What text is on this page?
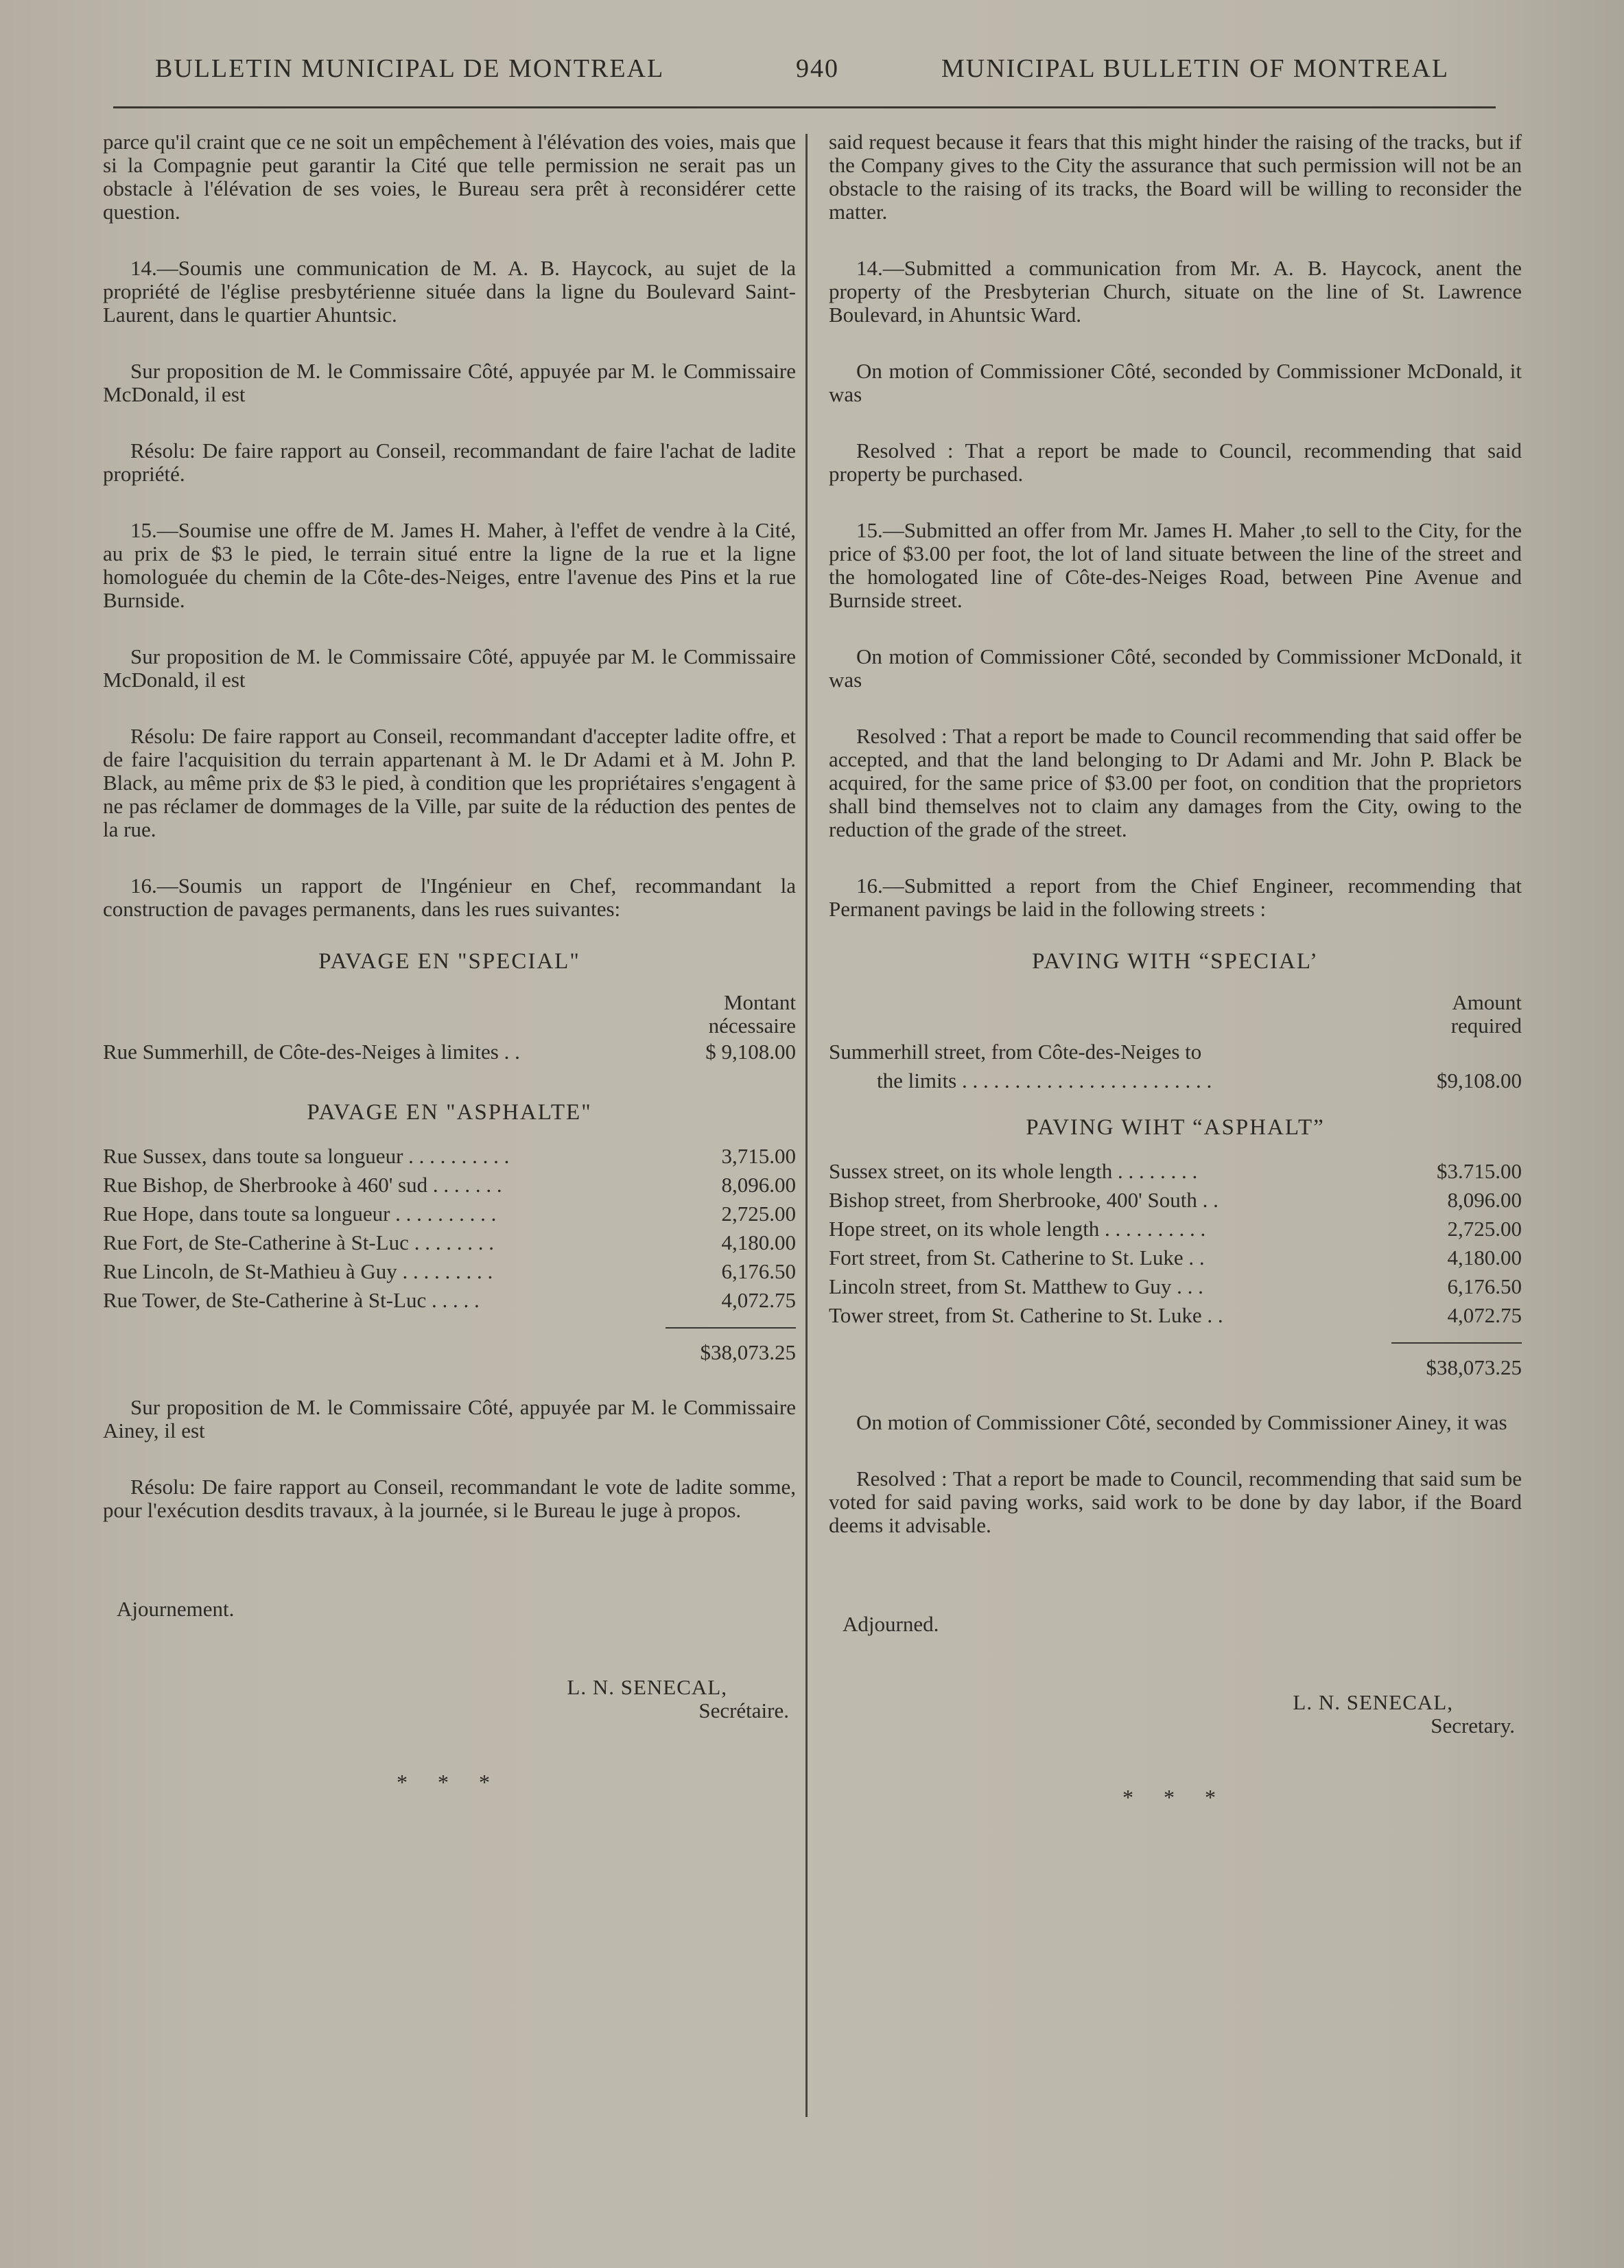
BULLETIN MUNICIPAL DE MONTREAL	940	MUNICIPAL BULLETIN OF MONTREAL

parce qu'il craint que ce ne soit un empêchement à l'élévation des voies, mais que si la Compagnie peut garantir la Cité que telle permission ne serait pas un obstacle à l'élévation de ses voies, le Bureau sera prêt à reconsidérer cette question.

14.—Soumis une communication de M. A. B. Haycock, au sujet de la propriété de l'église presbytérienne située dans la ligne du Boulevard Saint-Laurent, dans le quartier Ahuntsic.

Sur proposition de M. le Commissaire Côté, appuyée par M. le Commissaire McDonald, il est

Résolu: De faire rapport au Conseil, recommandant de faire l'achat de ladite propriété.

15.—Soumise une offre de M. James H. Maher, à l'effet de vendre à la Cité, au prix de $3 le pied, le terrain situé entre la ligne de la rue et la ligne homologuée du chemin de la Côte-des-Neiges, entre l'avenue des Pins et la rue Burnside.

Sur proposition de M. le Commissaire Côté, appuyée par M. le Commissaire McDonald, il est

Résolu: De faire rapport au Conseil, recommandant d'accepter ladite offre, et de faire l'acquisition du terrain appartenant à M. le Dr Adami et à M. John P. Black, au même prix de $3 le pied, à condition que les propriétaires s'engagent à ne pas réclamer de dommages de la Ville, par suite de la réduction des pentes de la rue.

16.—Soumis un rapport de l'Ingénieur en Chef, recommandant la construction de pavages permanents, dans les rues suivantes:

PAVAGE EN "SPECIAL"
Montant
nécessaire
Rue Summerhill, de Côte-des-Neiges à limites . .	$ 9,108.00
PAVAGE EN "ASPHALTE"
Rue Sussex, dans toute sa longueur . . . . . . . . . .	3,715.00
Rue Bishop, de Sherbrooke à 460' sud . . . . . . .	8,096.00
Rue Hope, dans toute sa longueur . . . . . . . . . .	2,725.00
Rue Fort, de Ste-Catherine à St-Luc . . . . . . . .	4,180.00
Rue Lincoln, de St-Mathieu à Guy . . . . . . . . .	6,176.50
Rue Tower, de Ste-Catherine à St-Luc . . . . .	4,072.75
$38,073.25

Sur proposition de M. le Commissaire Côté, appuyée par M. le Commissaire Ainey, il est

Résolu: De faire rapport au Conseil, recommandant le vote de ladite somme, pour l'exécution desdits travaux, à la journée, si le Bureau le juge à propos.

Ajournement.
L. N. SENECAL,
Secrétaire.
* * *

said request because it fears that this might hinder the raising of the tracks, but if the Company gives to the City the assurance that such permission will not be an obstacle to the raising of its tracks, the Board will be willing to reconsider the matter.

14.—Submitted a communication from Mr. A. B. Haycock, anent the property of the Presbyterian Church, situate on the line of St. Lawrence Boulevard, in Ahuntsic Ward.

On motion of Commissioner Côté, seconded by Commissioner McDonald, it was

Resolved : That a report be made to Council, recommending that said property be purchased.

15.—Submitted an offer from Mr. James H. Maher ,to sell to the City, for the price of $3.00 per foot, the lot of land situate between the line of the street and the homologated line of Côte-des-Neiges Road, between Pine Avenue and Burnside street.

On motion of Commissioner Côté, seconded by Commissioner McDonald, it was

Resolved : That a report be made to Council recommending that said offer be accepted, and that the land belonging to Dr Adami and Mr. John P. Black be acquired, for the same price of $3.00 per foot, on condition that the proprietors shall bind themselves not to claim any damages from the City, owing to the reduction of the grade of the street.

16.—Submitted a report from the Chief Engineer, recommending that Permanent pavings be laid in the following streets :

PAVING WITH “SPECIAL’
Amount
required
Summerhill street, from Côte-des-Neiges to	
the limits . . . . . . . . . . . . . . . . . . . . . . . .	$9,108.00
PAVING WIHT “ASPHALT”
Sussex street, on its whole length . . . . . . . .	$3.715.00
Bishop street, from Sherbrooke, 400' South . .	8,096.00
Hope street, on its whole length . . . . . . . . . .	2,725.00
Fort street, from St. Catherine to St. Luke . .	4,180.00
Lincoln street, from St. Matthew to Guy . . .	6,176.50
Tower street, from St. Catherine to St. Luke . .	4,072.75
$38,073.25

On motion of Commissioner Côté, seconded by Commissioner Ainey, it was

Resolved : That a report be made to Council, recommending that said sum be voted for said paving works, said work to be done by day labor, if the Board deems it advisable.

Adjourned.
L. N. SENECAL,
Secretary.
* * *
